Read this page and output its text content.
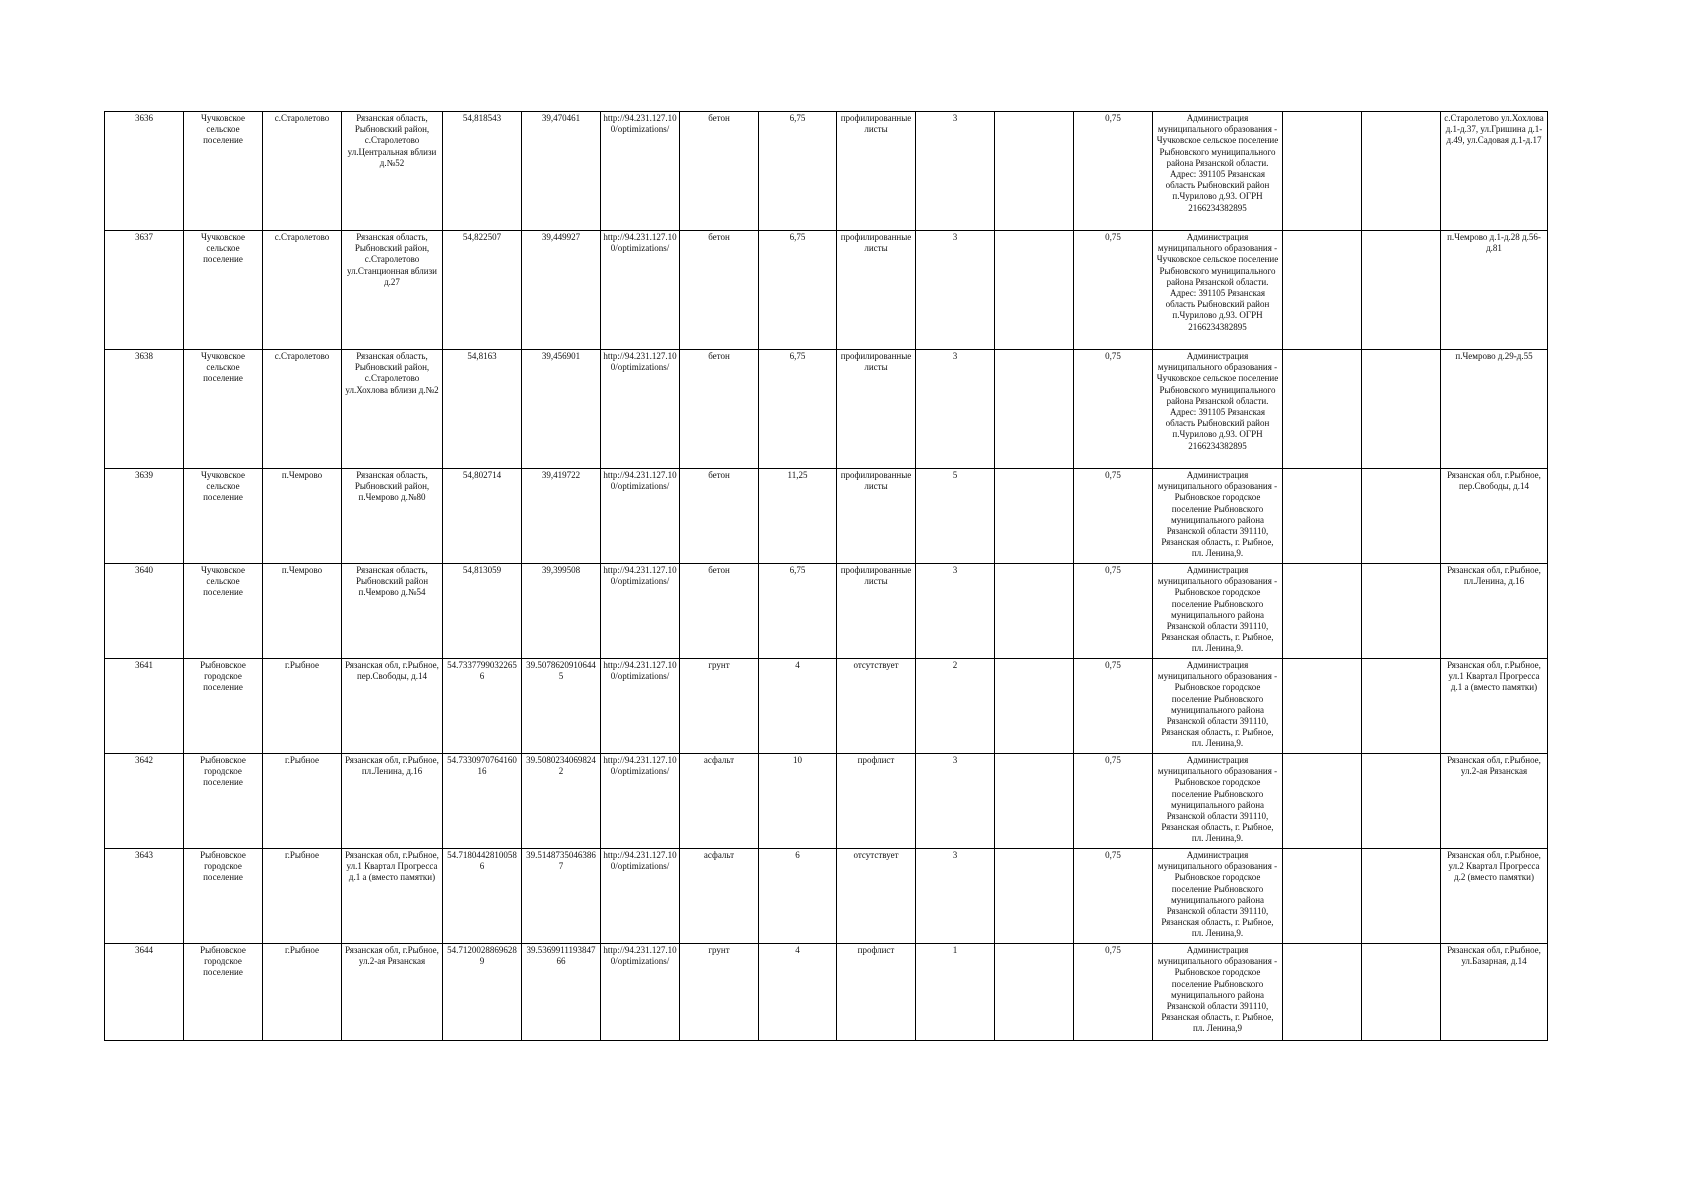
3636	Чучковское сельское поселение	с.Старолетово	Рязанская область, Рыбновский район, с.Старолетово ул.Центральная вблизи д.№52	54,818543	39,470461	http://94.231.127.10 0/optimizations/	бетон	6,75	профилированные листы	3		0,75	Администрация муниципального образования - Чучковское сельское поселение Рыбновского муниципального района Рязанской области. Адрес: 391105 Рязанская область Рыбновский район п.Чурилово д.93. ОГРН 2166234382895			с.Старолетово ул.Хохлова д.1-д.37, ул.Гришина д.1-д.49, ул.Садовая д.1-д.17
3637	Чучковское сельское поселение	с.Старолетово	Рязанская область, Рыбновский район, с.Старолетово ул.Станционная вблизи д.27	54,822507	39,449927	http://94.231.127.10 0/optimizations/	бетон	6,75	профилированные листы	3		0,75	Администрация муниципального образования - Чучковское сельское поселение Рыбновского муниципального района Рязанской области. Адрес: 391105 Рязанская область Рыбновский район п.Чурилово д.93. ОГРН 2166234382895			п.Чемрово д.1-д.28 д.56-д.81
3638	Чучковское сельское поселение	с.Старолетово	Рязанская область, Рыбновский район, с.Старолетово ул.Хохлова вблизи д.№2	54,8163	39,456901	http://94.231.127.10 0/optimizations/	бетон	6,75	профилированные листы	3		0,75	Администрация муниципального образования - Чучковское сельское поселение Рыбновского муниципального района Рязанской области. Адрес: 391105 Рязанская область Рыбновский район п.Чурилово д.93. ОГРН 2166234382895			п.Чемрово д.29-д.55
3639	Чучковское сельское поселение	п.Чемрово	Рязанская область, Рыбновский район, п.Чемрово д.№80	54,802714	39,419722	http://94.231.127.10 0/optimizations/	бетон	11,25	профилированные листы	5		0,75	Администрация муниципального образования - Рыбновское городское поселение Рыбновского муниципального района Рязанской области 391110, Рязанская область, г. Рыбное, пл. Ленина,9.			Рязанская обл, г.Рыбное, пер.Свободы, д.14
3640	Чучковское сельское поселение	п.Чемрово	Рязанская область, Рыбновский район п.Чемрово д.№54	54,813059	39,399508	http://94.231.127.10 0/optimizations/	бетон	6,75	профилированные листы	3		0,75	Администрация муниципального образования - Рыбновское городское поселение Рыбновского муниципального района Рязанской области 391110, Рязанская область, г. Рыбное, пл. Ленина,9.			Рязанская обл, г.Рыбное, пл.Ленина, д.16
3641	Рыбновское городское поселение	г.Рыбное	Рязанская обл, г.Рыбное, пер.Свободы, д.14	54.7337799032265 6	39.5078620910644 5	http://94.231.127.10 0/optimizations/	грунт	4	отсутствует	2		0,75	Администрация муниципального образования - Рыбновское городское поселение Рыбновского муниципального района Рязанской области 391110, Рязанская область, г. Рыбное, пл. Ленина,9.			Рязанская обл, г.Рыбное, ул.1 Квартал Прогресса д.1 а (вместо памятки)
3642	Рыбновское городское поселение	г.Рыбное	Рязанская обл, г.Рыбное, пл.Ленина, д.16	54.7330970764160 16	39.5080234069824 2	http://94.231.127.10 0/optimizations/	асфальт	10	профлист	3		0,75	Администрация муниципального образования - Рыбновское городское поселение Рыбновского муниципального района Рязанской области 391110, Рязанская область, г. Рыбное, пл. Ленина,9.			Рязанская обл, г.Рыбное, ул.2-ая Рязанская
3643	Рыбновское городское поселение	г.Рыбное	Рязанская обл, г.Рыбное, ул.1 Квартал Прогресса д.1 а (вместо памятки)	54.7180442810058 6	39.5148735046386 7	http://94.231.127.10 0/optimizations/	асфальт	6	отсутствует	3		0,75	Администрация муниципального образования - Рыбновское городское поселение Рыбновского муниципального района Рязанской области 391110, Рязанская область, г. Рыбное, пл. Ленина,9.			Рязанская обл, г.Рыбное, ул.2 Квартал Прогресса д.2 (вместо памятки)
3644	Рыбновское городское поселение	г.Рыбное	Рязанская обл, г.Рыбное, ул.2-ая Рязанская	54.7120028869628 9	39.5369911193847 66	http://94.231.127.10 0/optimizations/	грунт	4	профлист	1		0,75	Администрация муниципального образования - Рыбновское городское поселение Рыбновского муниципального района Рязанской области 391110, Рязанская область, г. Рыбное, пл. Ленина,9			Рязанская обл, г.Рыбное, ул.Базарная, д.14
